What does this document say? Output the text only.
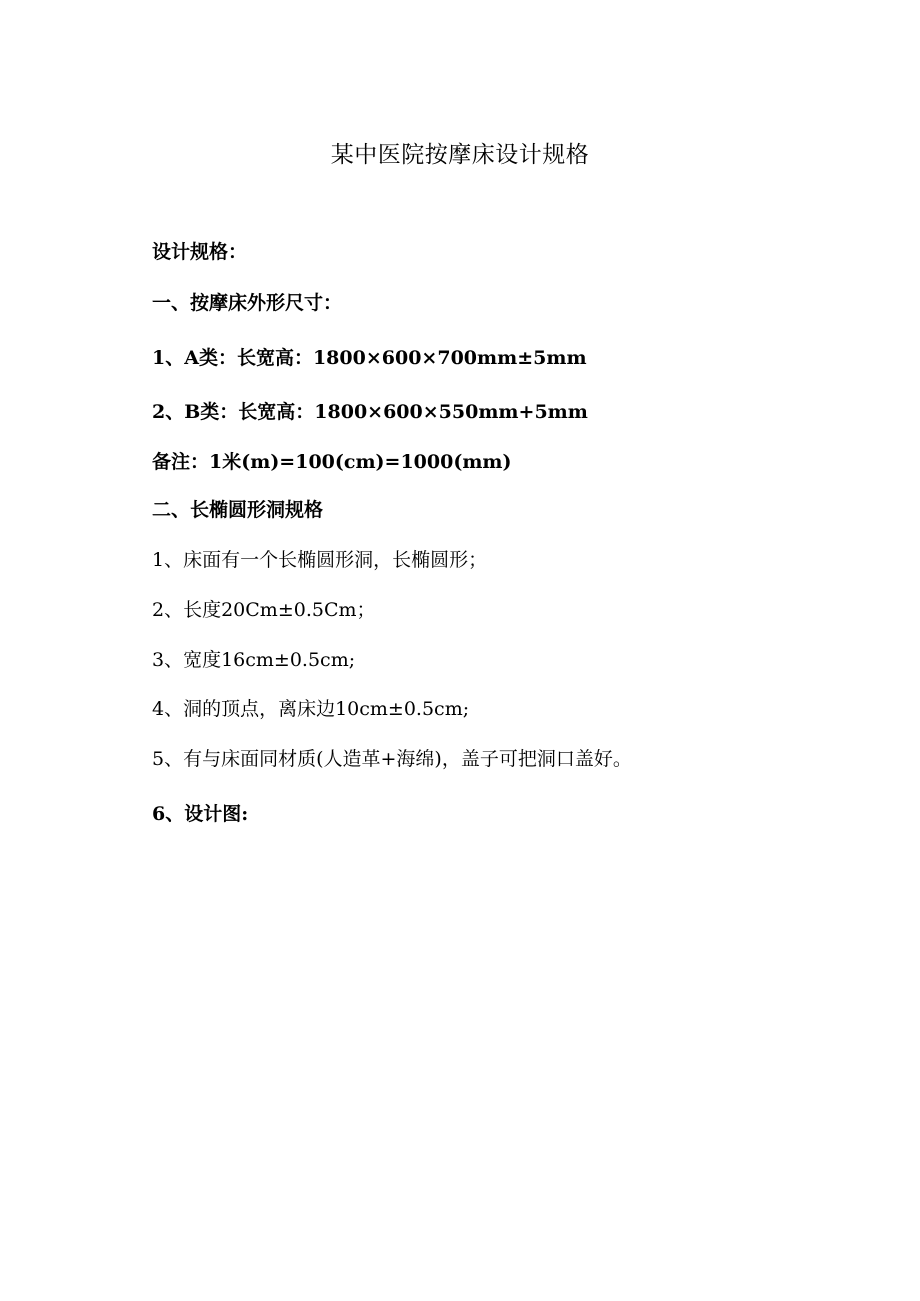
某中医院按摩床设计规格
设计规格：
一、按摩床外形尺寸：
1、A类：长宽高：1800×600×700mm±5mm
2、B类：长宽高：1800×600×550mm+5mm
备注：1米(m)=100(cm)=1000(mm)
二、长椭圆形洞规格
1、床面有一个长椭圆形洞，长椭圆形；
2、长度20Cm±0.5Cm；
3、宽度16cm±0.5cm;
4、洞的顶点，离床边10cm±0.5cm;
5、有与床面同材质(人造革+海绵)，盖子可把洞口盖好。
6、设计图:
